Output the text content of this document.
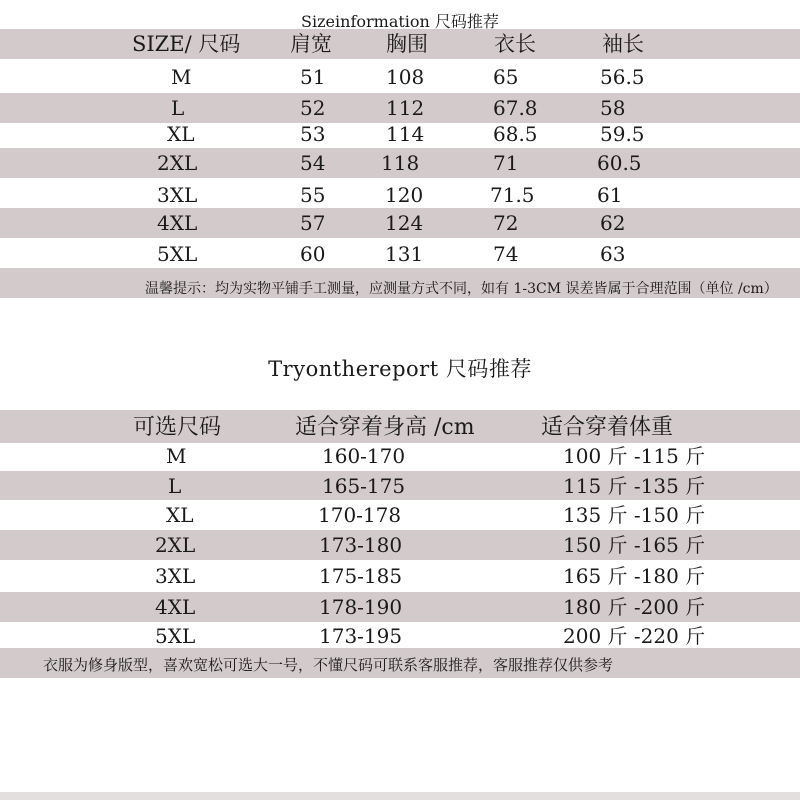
Sizeinformation 尺码推荐
SIZE/ 尺码 肩宽	胸围	衣长	袖长
M	51	108	65	56.5
L	52	112	67.8	58
XL	53	114	68.5	59.5
2XL	54	118	71	60.5
3XL	55	120	71.5	61
4XL	57	124	72	62
5XL	60	131	74	63
温馨提示：均为实物平铺手工测量，应测量方式不同，如有 1-3CM 误差皆属于合理范围（单位 /cm）
Tryonthereport 尺码推荐
可选尺码	适合穿着身高 /cm	适合穿着体重
M	160-170	100 斤 -115 斤
L	165-175	115 斤 -135 斤
XL	170-178	135 斤 -150 斤
2XL	173-180	150 斤 -165 斤
3XL	175-185	165 斤 -180 斤
4XL	178-190	180 斤 -200 斤
5XL	173-195	200 斤 -220 斤
衣服为修身版型，喜欢宽松可选大一号，不懂尺码可联系客服推荐，客服推荐仅供参考
